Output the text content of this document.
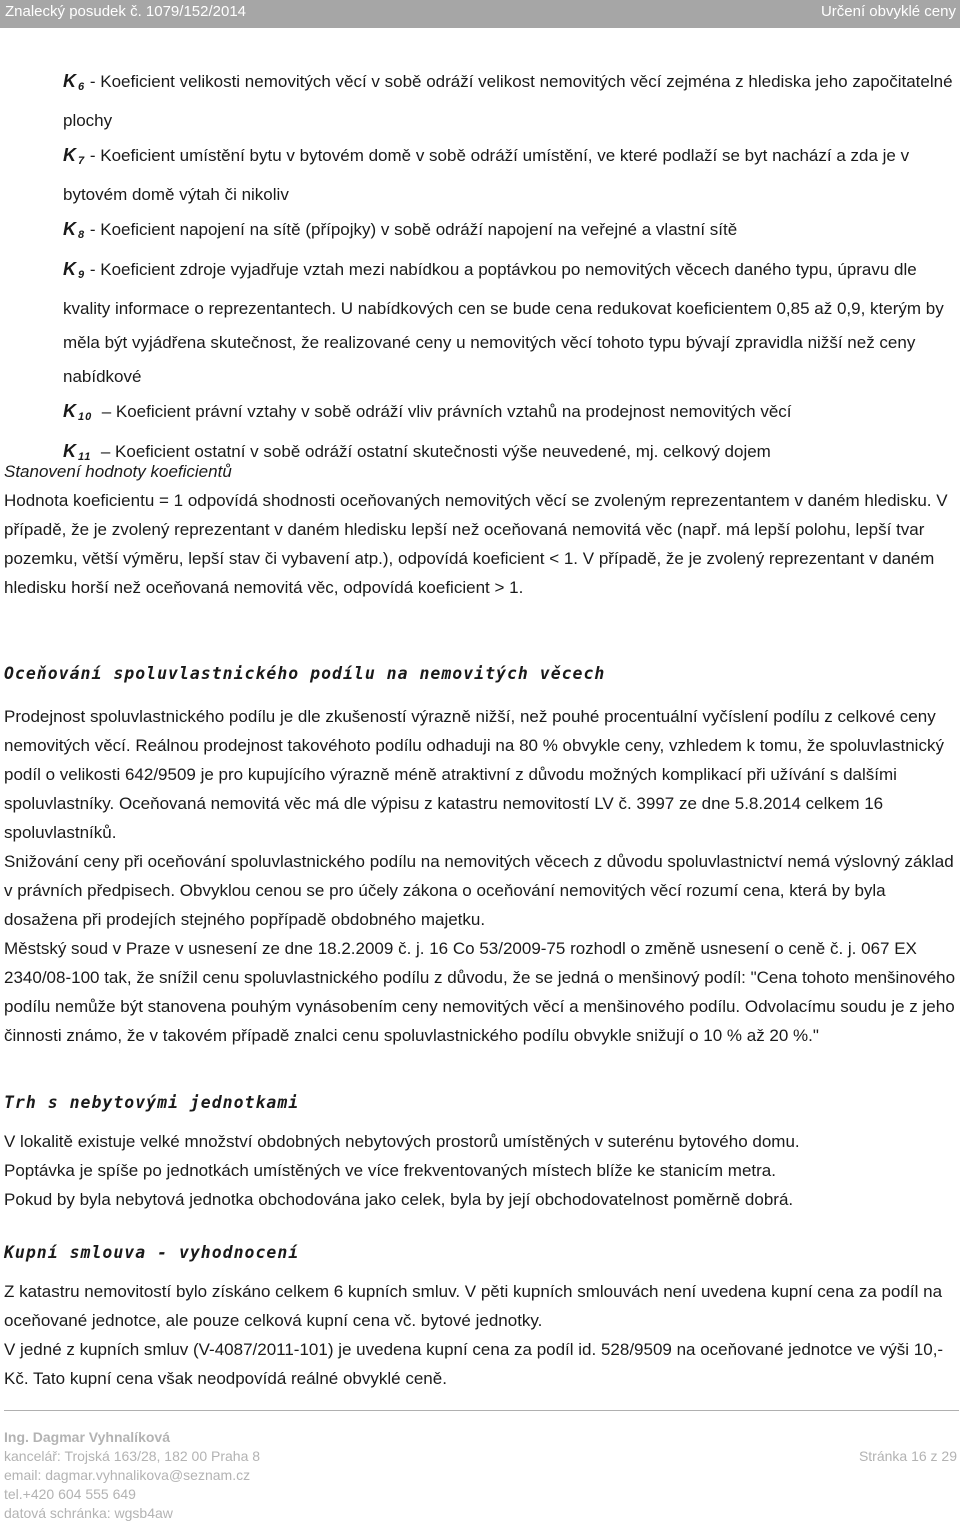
Znalecký posudek č. 1079/152/2014	Určení obvyklé ceny

$K_6$ - Koeficient velikosti nemovitých věcí v sobě odráží velikost nemovitých věcí zejména z hlediska jeho započitatelné plochy

$K_7$ - Koeficient umístění bytu v bytovém domě v sobě odráží umístění, ve které podlaží se byt nachází a zda je v bytovém domě výtah či nikoliv

$K_8$ - Koeficient napojení na sítě (přípojky) v sobě odráží napojení na veřejné a vlastní sítě

$K_9$ - Koeficient zdroje vyjadřuje vztah mezi nabídkou a poptávkou po nemovitých věcech daného typu, úpravu dle kvality informace o reprezentantech. U nabídkových cen se bude cena redukovat koeficientem 0,85 až 0,9, kterým by měla být vyjádřena skutečnost, že realizované ceny u nemovitých věcí tohoto typu bývají zpravidla nižší než ceny nabídkové

$K_{10}$  – Koeficient právní vztahy v sobě odráží vliv právních vztahů na prodejnost nemovitých věcí

$K_{11}$  – Koeficient ostatní v sobě odráží ostatní skutečnosti výše neuvedené, mj. celkový dojem

Stanovení hodnoty koeficientů

Hodnota koeficientu = 1 odpovídá shodnosti oceňovaných nemovitých věcí se zvoleným reprezentantem v daném hledisku. V případě, že je zvolený reprezentant v daném hledisku lepší než oceňovaná nemovitá věc (např. má lepší polohu, lepší tvar pozemku, větší výměru, lepší stav či vybavení atp.), odpovídá koeficient < 1. V případě, že je zvolený reprezentant v daném hledisku horší než oceňovaná nemovitá věc, odpovídá koeficient > 1.

Oceňování spoluvlastnického podílu na nemovitých věcech

Prodejnost spoluvlastnického podílu je dle zkušeností výrazně nižší, než pouhé procentuální vyčíslení podílu z celkové ceny nemovitých věcí. Reálnou prodejnost takovéhoto podílu odhaduji na 80 % obvykle ceny, vzhledem k tomu, že spoluvlastnický podíl o velikosti 642/9509 je pro kupujícího výrazně méně atraktivní z důvodu možných komplikací při užívání s dalšími spoluvlastníky. Oceňovaná nemovitá věc má dle výpisu z katastru nemovitostí LV č. 3997 ze dne 5.8.2014 celkem 16 spoluvlastníků.

Snižování ceny při oceňování spoluvlastnického podílu na nemovitých věcech z důvodu spoluvlastnictví nemá výslovný základ v právních předpisech. Obvyklou cenou se pro účely zákona o oceňování nemovitých věcí rozumí cena, která by byla dosažena při prodejích stejného popřípadě obdobného majetku.

Městský soud v Praze v usnesení ze dne 18.2.2009 č. j. 16 Co 53/2009-75 rozhodl o změně usnesení o ceně č. j. 067 EX 2340/08-100 tak, že snížil cenu spoluvlastnického podílu z důvodu, že se jedná o menšinový podíl: "Cena tohoto menšinového podílu nemůže být stanovena pouhým vynásobením ceny nemovitých věcí a menšinového podílu. Odvolacímu soudu je z jeho činnosti známo, že v takovém případě znalci cenu spoluvlastnického podílu obvykle snižují o 10 % až 20 %."

Trh s nebytovými jednotkami

V lokalitě existuje velké množství obdobných nebytových prostorů umístěných v suterénu bytového domu.

Poptávka je spíše po jednotkách umístěných ve více frekventovaných místech blíže ke stanicím metra.

Pokud by byla nebytová jednotka obchodována jako celek, byla by její obchodovatelnost poměrně dobrá.

Kupní smlouva - vyhodnocení

Z katastru nemovitostí bylo získáno celkem 6 kupních smluv. V pěti kupních smlouvách není uvedena kupní cena za podíl na oceňované jednotce, ale pouze celková kupní cena vč. bytové jednotky.

V jedné z kupních smluv (V-4087/2011-101) je uvedena kupní cena za podíl id. 528/9509 na oceňované jednotce ve výši 10,- Kč. Tato kupní cena však neodpovídá reálné obvyklé ceně.

Ing. Dagmar Vyhnalíková
kancelář: Trojská 163/28, 182 00 Praha 8
email: dagmar.vyhnalikova@seznam.cz
tel.+420 604 555 649
datová schránka: wgsb4aw
Stránka 16 z 29
